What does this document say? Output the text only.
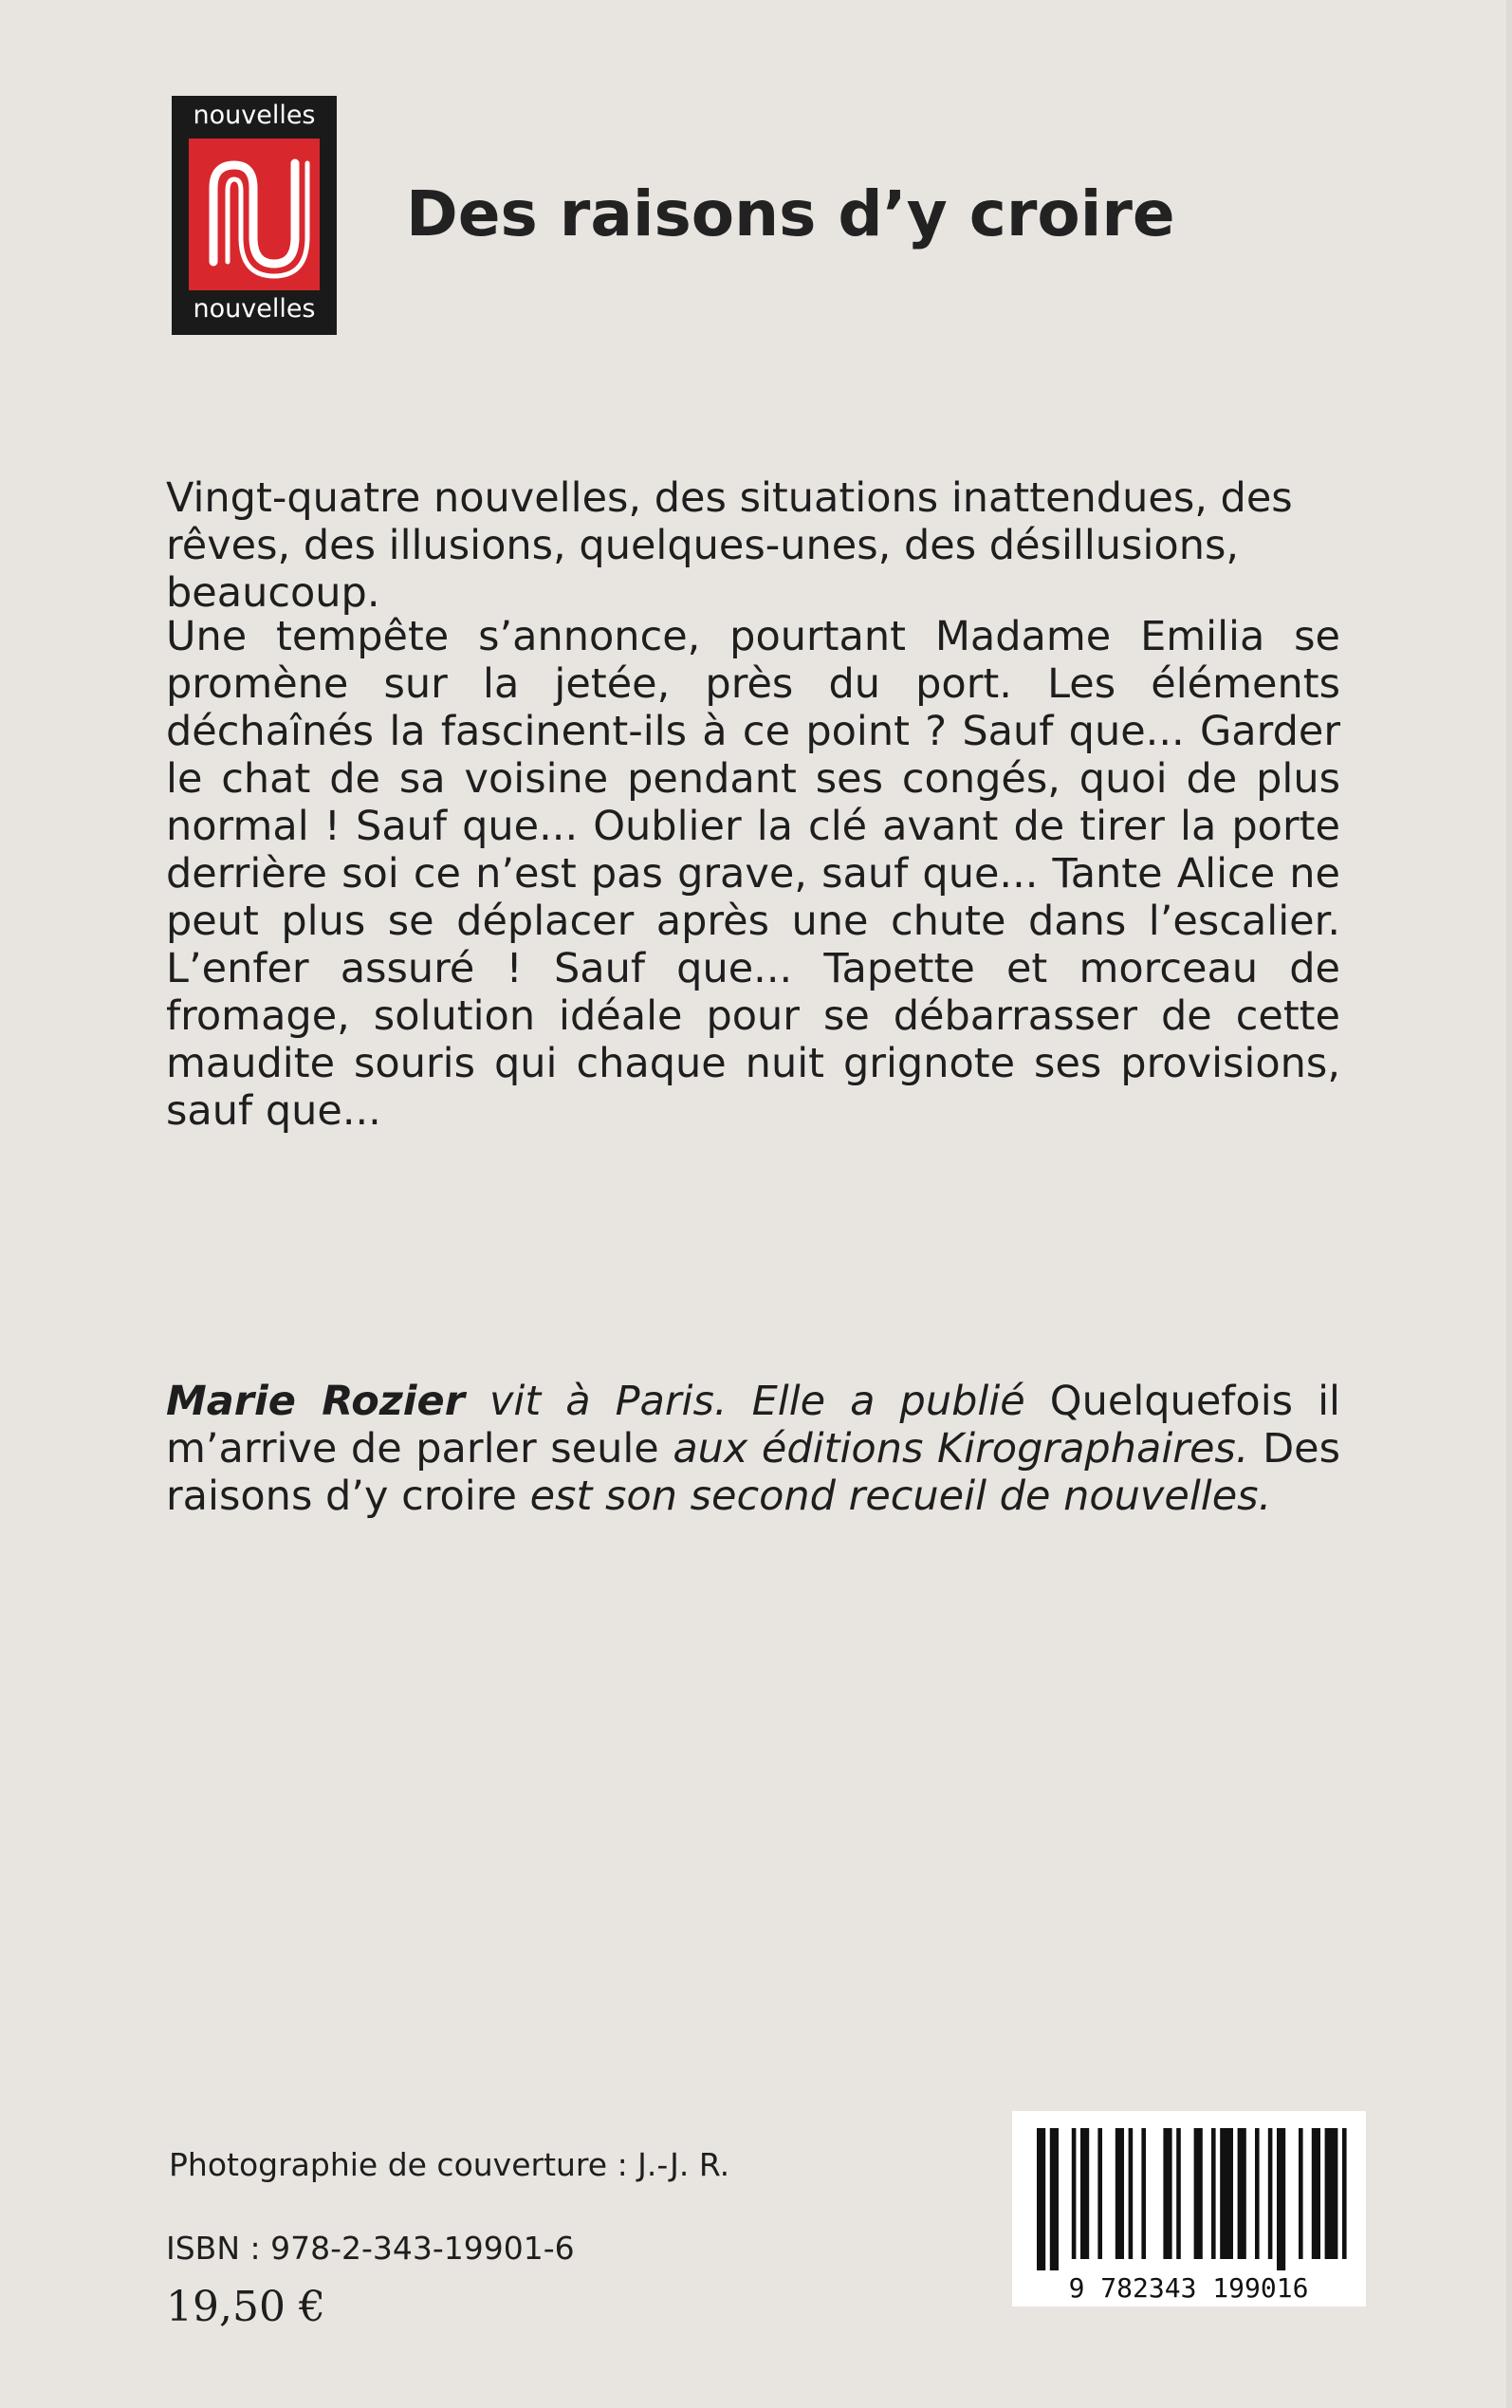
nouvelles
nouvelles
Des raisons d’y croire

Vingt-quatre nouvelles, des situations inattendues, des rêves, des illusions, quelques-unes, des désillusions, beaucoup.

Une tempête s’annonce, pourtant Madame Emilia se promène sur la jetée, près du port. Les éléments déchaînés la fascinent-ils à ce point ? Sauf que... Garder le chat de sa voisine pendant ses congés, quoi de plus normal ! Sauf que... Oublier la clé avant de tirer la porte derrière soi ce n’est pas grave, sauf que... Tante Alice ne peut plus se déplacer après une chute dans l’escalier. L’enfer assuré ! Sauf que... Tapette et morceau de fromage, solution idéale pour se débarrasser de cette maudite souris qui chaque nuit grignote ses provisions, sauf que...

Marie Rozier vit à Paris. Elle a publié Quelquefois il m’arrive de parler seule aux éditions Kirographaires. Des raisons d’y croire est son second recueil de nouvelles.

Photographie de couverture : J.-J. R.
ISBN : 978-2-343-19901-6
19,50 €	9 782343 199016
